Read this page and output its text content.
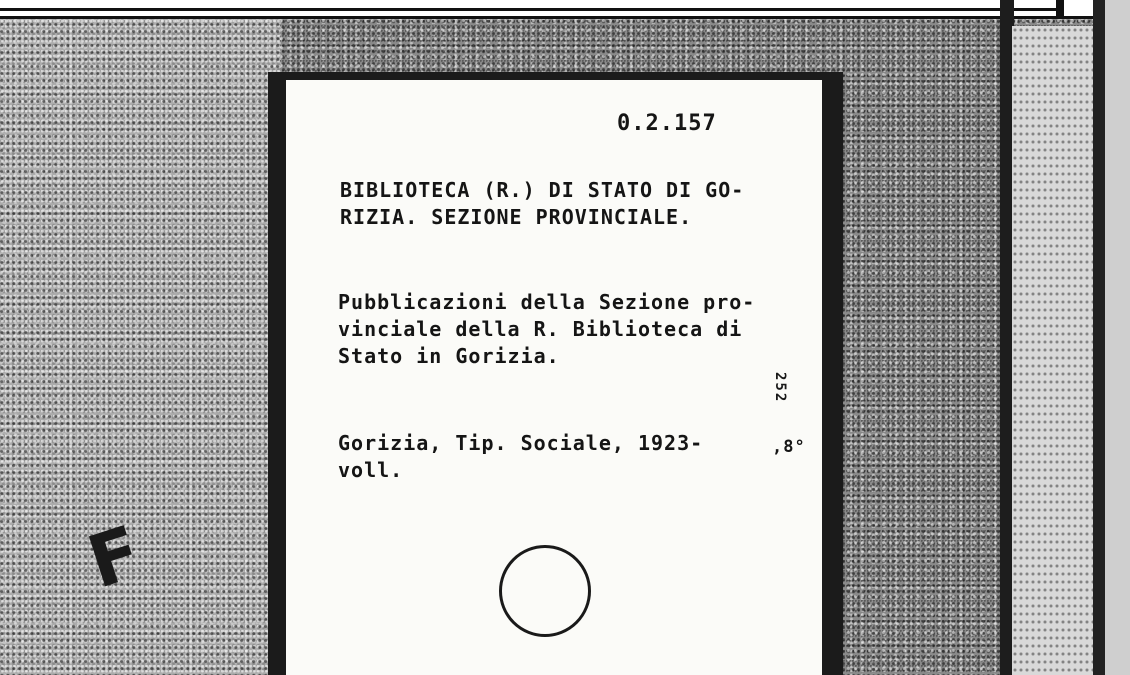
F
0.2.157
BIBLIOTECA (R.) DI STATO DI GO-
RIZIA. SEZIONE PROVINCIALE.
Pubblicazioni della Sezione pro-
vinciale della R. Biblioteca di
Stato in Gorizia.
Gorizia, Tip. Sociale, 1923-
voll.
,8°
252
